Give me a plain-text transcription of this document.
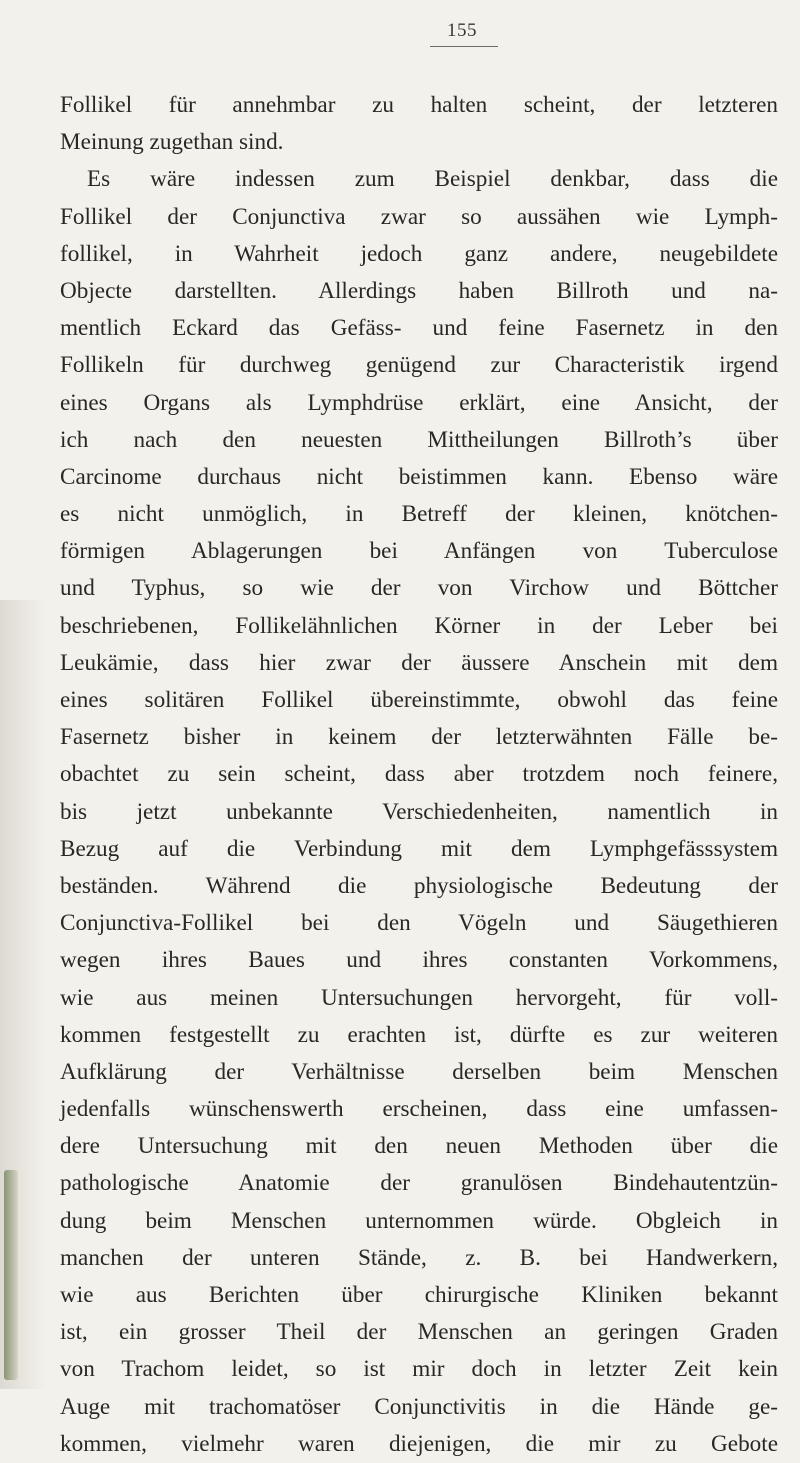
155
Follikel für annehmbar zu halten scheint, der letzteren
Meinung zugethan sind.
Es wäre indessen zum Beispiel denkbar, dass die
Follikel der Conjunctiva zwar so aussähen wie Lymph-
follikel, in Wahrheit jedoch ganz andere, neugebildete
Objecte darstellten. Allerdings haben Billroth und na-
mentlich Eckard das Gefäss- und feine Fasernetz in den
Follikeln für durchweg genügend zur Characteristik irgend
eines Organs als Lymphdrüse erklärt, eine Ansicht, der
ich nach den neuesten Mittheilungen Billroth’s über
Carcinome durchaus nicht beistimmen kann. Ebenso wäre
es nicht unmöglich, in Betreff der kleinen, knötchen-
förmigen Ablagerungen bei Anfängen von Tuberculose
und Typhus, so wie der von Virchow und Böttcher
beschriebenen, Follikelähnlichen Körner in der Leber bei
Leukämie, dass hier zwar der äussere Anschein mit dem
eines solitären Follikel übereinstimmte, obwohl das feine
Fasernetz bisher in keinem der letzterwähnten Fälle be-
obachtet zu sein scheint, dass aber trotzdem noch feinere,
bis jetzt unbekannte Verschiedenheiten, namentlich in
Bezug auf die Verbindung mit dem Lymphgefässsystem
beständen. Während die physiologische Bedeutung der
Conjunctiva-Follikel bei den Vögeln und Säugethieren
wegen ihres Baues und ihres constanten Vorkommens,
wie aus meinen Untersuchungen hervorgeht, für voll-
kommen festgestellt zu erachten ist, dürfte es zur weiteren
Aufklärung der Verhältnisse derselben beim Menschen
jedenfalls wünschenswerth erscheinen, dass eine umfassen-
dere Untersuchung mit den neuen Methoden über die
pathologische Anatomie der granulösen Bindehautentzün-
dung beim Menschen unternommen würde. Obgleich in
manchen der unteren Stände, z. B. bei Handwerkern,
wie aus Berichten über chirurgische Kliniken bekannt
ist, ein grosser Theil der Menschen an geringen Graden
von Trachom leidet, so ist mir doch in letzter Zeit kein
Auge mit trachomatöser Conjunctivitis in die Hände ge-
kommen, vielmehr waren diejenigen, die mir zu Gebote
